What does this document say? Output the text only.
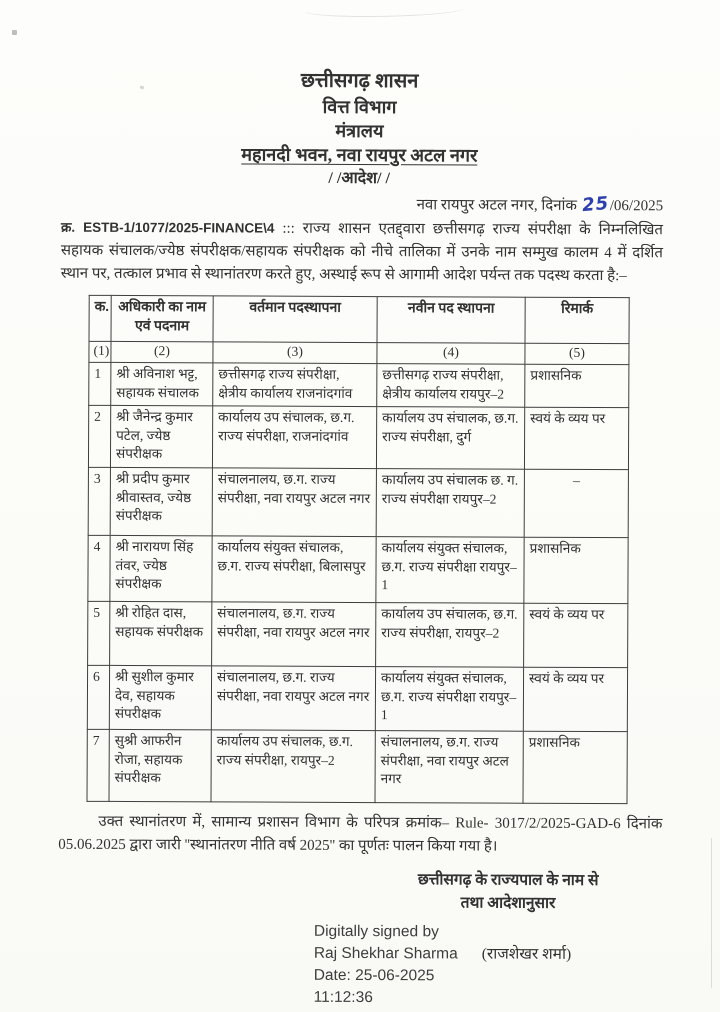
छत्तीसगढ़ शासन
वित्त विभाग
मंत्रालय
महानदी भवन, नवा रायपुर अटल नगर
/ /आदेश/ /
नवा रायपुर अटल नगर, दिनांक 25/06/2025
क्र. ESTB-1/1077/2025-FINANCE\4 ::: राज्य शासन एतद्द्वारा छत्तीसगढ़ राज्य संपरीक्षा के निम्नलिखित सहायक संचालक/ज्येष्ठ संपरीक्षक/सहायक संपरीक्षक को नीचे तालिका में उनके नाम सम्मुख कालम 4 में दर्शित स्थान पर, तत्काल प्रभाव से स्थानांतरण करते हुए, अस्थाई रूप से आगामी आदेश पर्यन्त तक पदस्थ करता है:–
क.	अधिकारी का नाम एवं पदनाम	वर्तमान पदस्थापना	नवीन पद स्थापना	रिमार्क
(1)	(2)	(3)	(4)	(5)
1	श्री अविनाश भट्ट, सहायक संचालक	छत्तीसगढ़ राज्य संपरीक्षा, क्षेत्रीय कार्यालय राजनांदगांव	छत्तीसगढ़ राज्य संपरीक्षा, क्षेत्रीय कार्यालय रायपुर–2	प्रशासनिक
2	श्री जैनेन्द्र कुमार पटेल, ज्येष्ठ संपरीक्षक	कार्यालय उप संचालक, छ.ग. राज्य संपरीक्षा, राजनांदगांव	कार्यालय उप संचालक, छ.ग. राज्य संपरीक्षा, दुर्ग	स्वयं के व्यय पर
3	श्री प्रदीप कुमार श्रीवास्तव, ज्येष्ठ संपरीक्षक	संचालनालय, छ.ग. राज्य संपरीक्षा, नवा रायपुर अटल नगर	कार्यालय उप संचालक छ. ग. राज्य संपरीक्षा रायपुर–2	–
4	श्री नारायण सिंह तंवर, ज्येष्ठ संपरीक्षक	कार्यालय संयुक्त संचालक, छ.ग. राज्य संपरीक्षा, बिलासपुर	कार्यालय संयुक्त संचालक, छ.ग. राज्य संपरीक्षा रायपुर–1	प्रशासनिक
5	श्री रोहित दास, सहायक संपरीक्षक	संचालनालय, छ.ग. राज्य संपरीक्षा, नवा रायपुर अटल नगर	कार्यालय उप संचालक, छ.ग. राज्य संपरीक्षा, रायपुर–2	स्वयं के व्यय पर
6	श्री सुशील कुमार देव, सहायक संपरीक्षक	संचालनालय, छ.ग. राज्य संपरीक्षा, नवा रायपुर अटल नगर	कार्यालय संयुक्त संचालक, छ.ग. राज्य संपरीक्षा रायपुर–1	स्वयं के व्यय पर
7	सुश्री आफरीन रोजा, सहायक संपरीक्षक	कार्यालय उप संचालक, छ.ग. राज्य संपरीक्षा, रायपुर–2	संचालनालय, छ.ग. राज्य संपरीक्षा, नवा रायपुर अटल नगर	प्रशासनिक
उक्त स्थानांतरण में, सामान्य प्रशासन विभाग के परिपत्र क्रमांक– Rule- 3017/2/2025-GAD-6 दिनांक 05.06.2025 द्वारा जारी ''स्थानांतरण नीति वर्ष 2025'' का पूर्णतः पालन किया गया है।
छत्तीसगढ़ के राज्यपाल के नाम से
तथा आदेशानुसार
Digitally signed by
Raj Shekhar Sharma (राजशेखर शर्मा)
Date: 25-06-2025
11:12:36
